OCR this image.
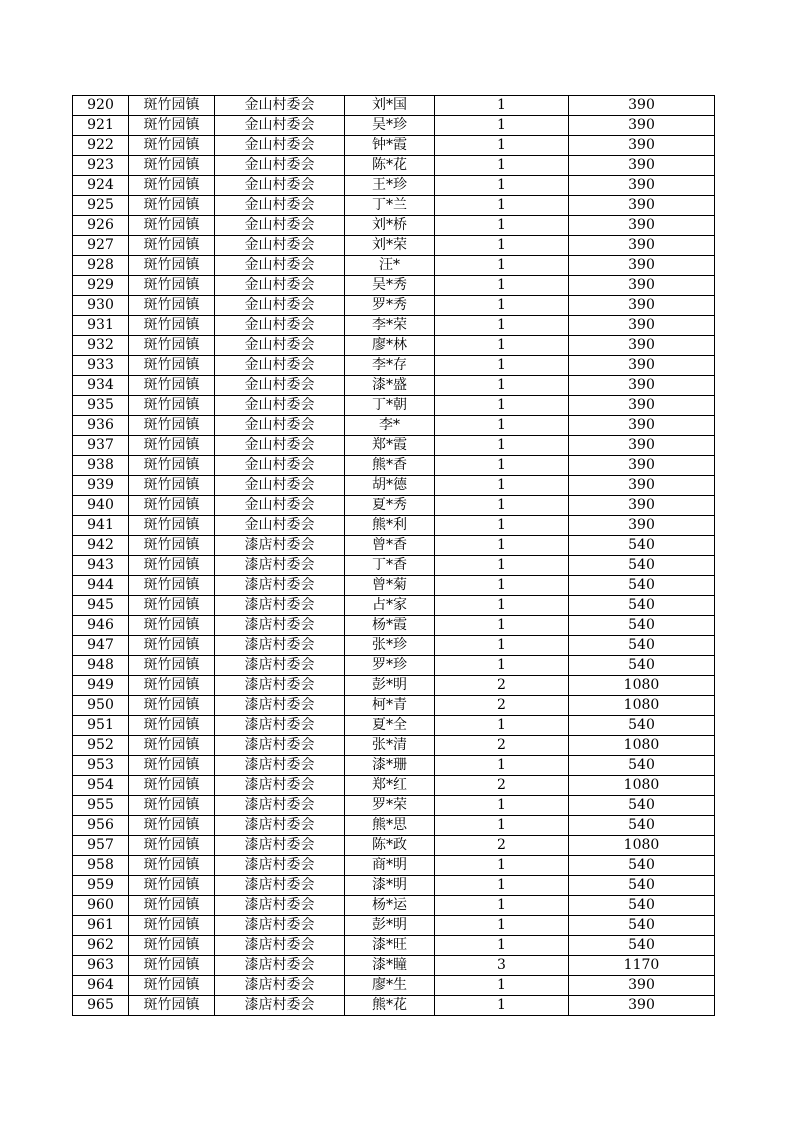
920	斑竹园镇	金山村委会	刘*国	1	390
921	斑竹园镇	金山村委会	吴*珍	1	390
922	斑竹园镇	金山村委会	钟*霞	1	390
923	斑竹园镇	金山村委会	陈*花	1	390
924	斑竹园镇	金山村委会	王*珍	1	390
925	斑竹园镇	金山村委会	丁*兰	1	390
926	斑竹园镇	金山村委会	刘*桥	1	390
927	斑竹园镇	金山村委会	刘*荣	1	390
928	斑竹园镇	金山村委会	汪*	1	390
929	斑竹园镇	金山村委会	吴*秀	1	390
930	斑竹园镇	金山村委会	罗*秀	1	390
931	斑竹园镇	金山村委会	李*荣	1	390
932	斑竹园镇	金山村委会	廖*林	1	390
933	斑竹园镇	金山村委会	李*存	1	390
934	斑竹园镇	金山村委会	漆*盛	1	390
935	斑竹园镇	金山村委会	丁*朝	1	390
936	斑竹园镇	金山村委会	李*	1	390
937	斑竹园镇	金山村委会	郑*霞	1	390
938	斑竹园镇	金山村委会	熊*香	1	390
939	斑竹园镇	金山村委会	胡*德	1	390
940	斑竹园镇	金山村委会	夏*秀	1	390
941	斑竹园镇	金山村委会	熊*利	1	390
942	斑竹园镇	漆店村委会	曾*香	1	540
943	斑竹园镇	漆店村委会	丁*香	1	540
944	斑竹园镇	漆店村委会	曾*菊	1	540
945	斑竹园镇	漆店村委会	占*家	1	540
946	斑竹园镇	漆店村委会	杨*霞	1	540
947	斑竹园镇	漆店村委会	张*珍	1	540
948	斑竹园镇	漆店村委会	罗*珍	1	540
949	斑竹园镇	漆店村委会	彭*明	2	1080
950	斑竹园镇	漆店村委会	柯*青	2	1080
951	斑竹园镇	漆店村委会	夏*全	1	540
952	斑竹园镇	漆店村委会	张*清	2	1080
953	斑竹园镇	漆店村委会	漆*珊	1	540
954	斑竹园镇	漆店村委会	郑*红	2	1080
955	斑竹园镇	漆店村委会	罗*荣	1	540
956	斑竹园镇	漆店村委会	熊*思	1	540
957	斑竹园镇	漆店村委会	陈*政	2	1080
958	斑竹园镇	漆店村委会	商*明	1	540
959	斑竹园镇	漆店村委会	漆*明	1	540
960	斑竹园镇	漆店村委会	杨*运	1	540
961	斑竹园镇	漆店村委会	彭*明	1	540
962	斑竹园镇	漆店村委会	漆*旺	1	540
963	斑竹园镇	漆店村委会	漆*瞳	3	1170
964	斑竹园镇	漆店村委会	廖*生	1	390
965	斑竹园镇	漆店村委会	熊*花	1	390
